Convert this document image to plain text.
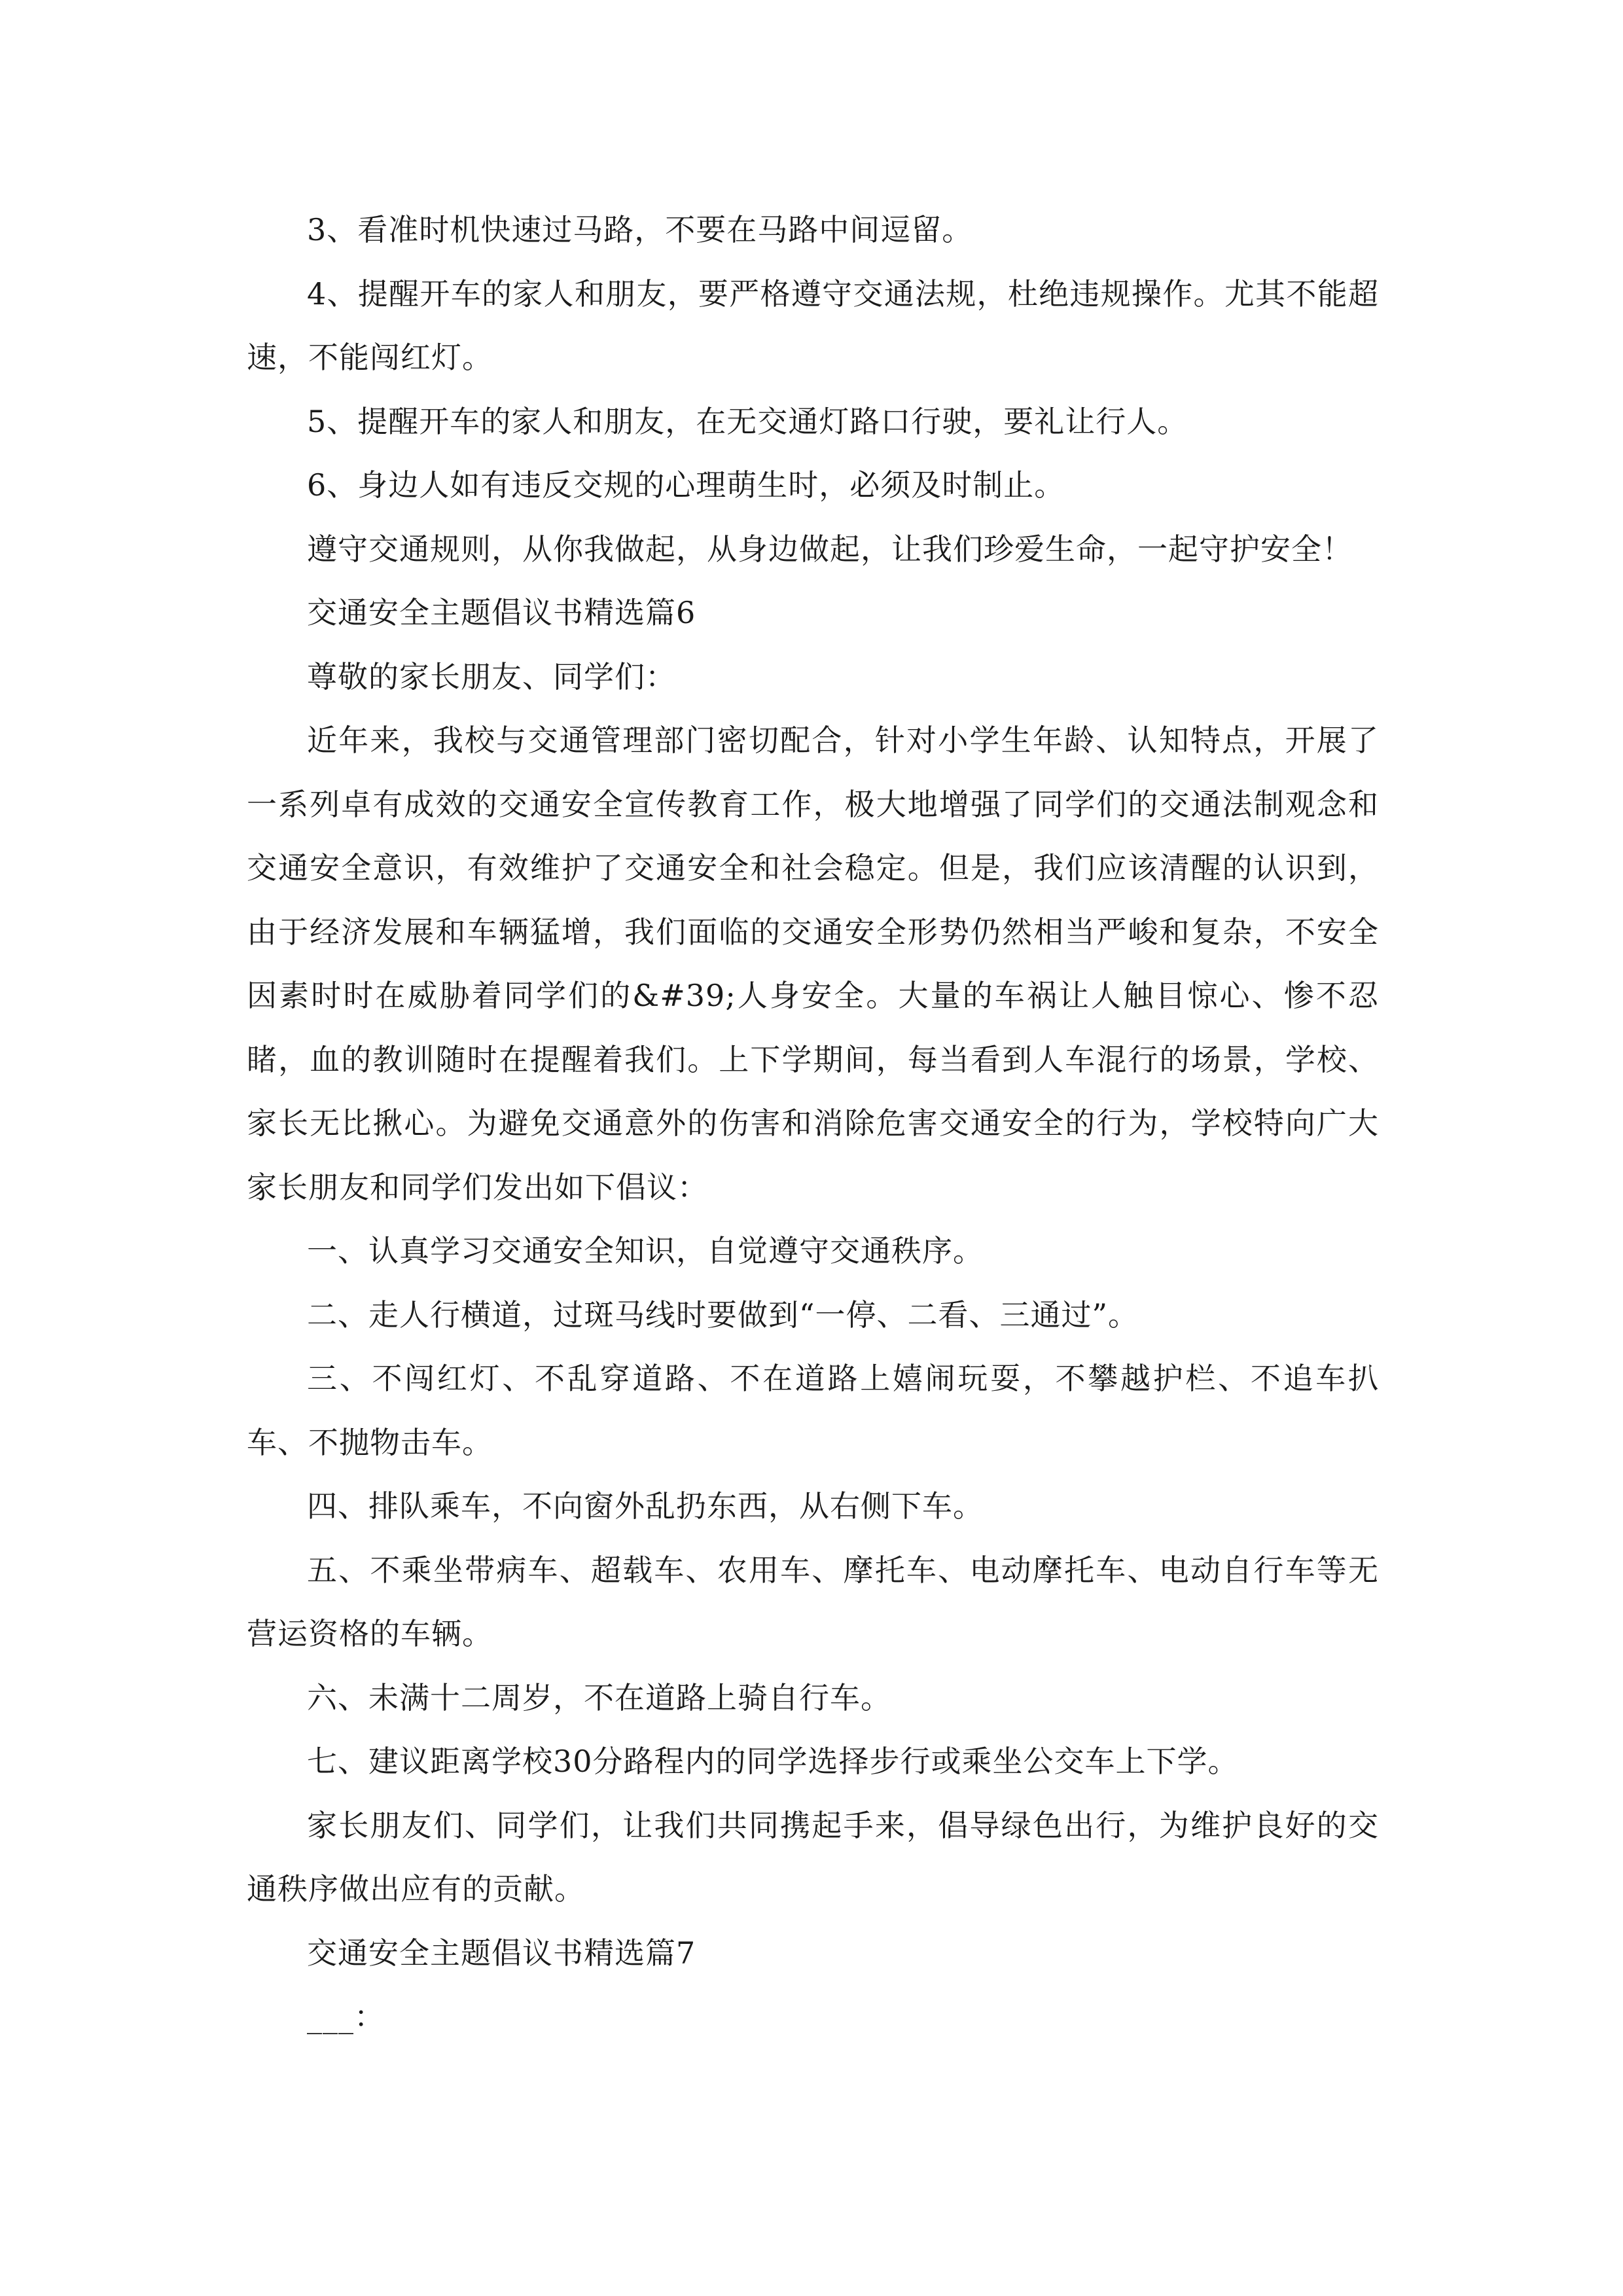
3、看准时机快速过马路，不要在马路中间逗留。

4、提醒开车的家人和朋友，要严格遵守交通法规，杜绝违规操作。尤其不能超速，不能闯红灯。

5、提醒开车的家人和朋友，在无交通灯路口行驶，要礼让行人。

6、身边人如有违反交规的心理萌生时，必须及时制止。

遵守交通规则，从你我做起，从身边做起，让我们珍爱生命，一起守护安全！

交通安全主题倡议书精选篇6

尊敬的家长朋友、同学们：

近年来，我校与交通管理部门密切配合，针对小学生年龄、认知特点，开展了一系列卓有成效的交通安全宣传教育工作，极大地增强了同学们的交通法制观念和交通安全意识，有效维护了交通安全和社会稳定。但是，我们应该清醒的认识到，由于经济发展和车辆猛增，我们面临的交通安全形势仍然相当严峻和复杂，不安全因素时时在威胁着同学们的&#39;人身安全。大量的车祸让人触目惊心、惨不忍睹，血的教训随时在提醒着我们。上下学期间，每当看到人车混行的场景，学校、家长无比揪心。为避免交通意外的伤害和消除危害交通安全的行为，学校特向广大家长朋友和同学们发出如下倡议：

一、认真学习交通安全知识，自觉遵守交通秩序。

二、走人行横道，过斑马线时要做到“一停、二看、三通过”。

三、不闯红灯、不乱穿道路、不在道路上嬉闹玩耍，不攀越护栏、不追车扒车、不抛物击车。

四、排队乘车，不向窗外乱扔东西，从右侧下车。

五、不乘坐带病车、超载车、农用车、摩托车、电动摩托车、电动自行车等无营运资格的车辆。

六、未满十二周岁，不在道路上骑自行车。

七、建议距离学校30分路程内的同学选择步行或乘坐公交车上下学。

家长朋友们、同学们，让我们共同携起手来，倡导绿色出行，为维护良好的交通秩序做出应有的贡献。

交通安全主题倡议书精选篇7

___：
